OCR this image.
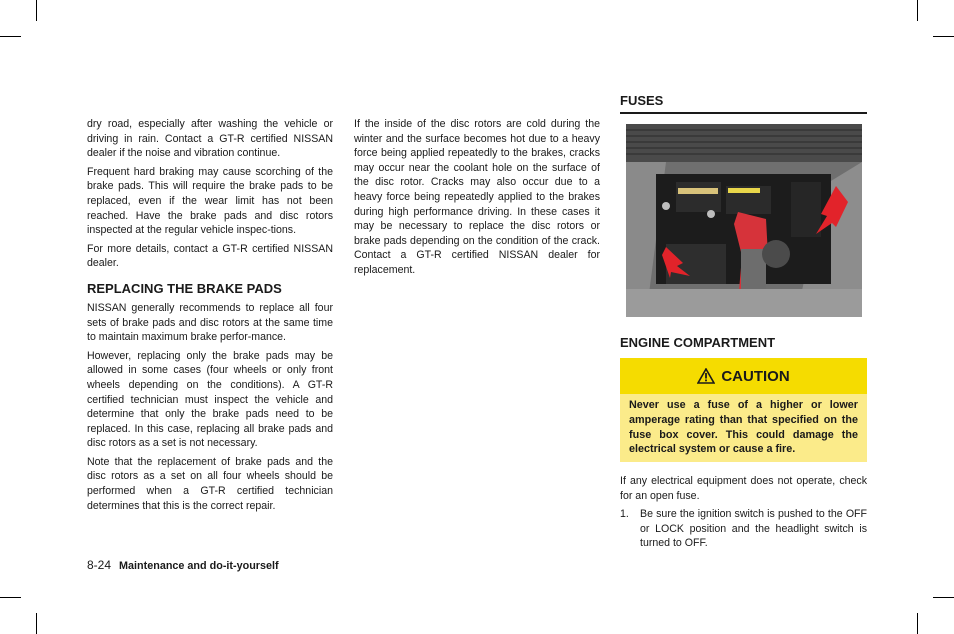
dry road, especially after washing the vehicle or driving in rain. Contact a GT-R certified NISSAN dealer if the noise and vibration continue.

Frequent hard braking may cause scorching of the brake pads. This will require the brake pads to be replaced, even if the wear limit has not been reached. Have the brake pads and disc rotors inspected at the regular vehicle inspec-tions.

For more details, contact a GT-R certified NISSAN dealer.

REPLACING THE BRAKE PADS

NISSAN generally recommends to replace all four sets of brake pads and disc rotors at the same time to maintain maximum brake perfor-mance.

However, replacing only the brake pads may be allowed in some cases (four wheels or only front wheels depending on the conditions). A GT-R certified technician must inspect the vehicle and determine that only the brake pads need to be replaced. In this case, replacing all brake pads and disc rotors as a set is not necessary.

Note that the replacement of brake pads and the disc rotors as a set on all four wheels should be performed when a GT-R certified technician determines that this is the correct repair.

If the inside of the disc rotors are cold during the winter and the surface becomes hot due to a heavy force being applied repeatedly to the brakes, cracks may occur near the coolant hole on the surface of the disc rotor. Cracks may also occur due to a heavy force being repeatedly applied to the brakes during high performance driving. In these cases it may be necessary to replace the disc rotors or brake pads depending on the condition of the crack. Contact a GT-R certified NISSAN dealer for replacement.

FUSES
ENGINE COMPARTMENT
CAUTION
Never use a fuse of a higher or lower amperage rating than that specified on the fuse box cover. This could damage the electrical system or cause a fire.

If any electrical equipment does not operate, check for an open fuse.

1.	Be sure the ignition switch is pushed to the OFF or LOCK position and the headlight switch is turned to OFF.
8-24 Maintenance and do-it-yourself
